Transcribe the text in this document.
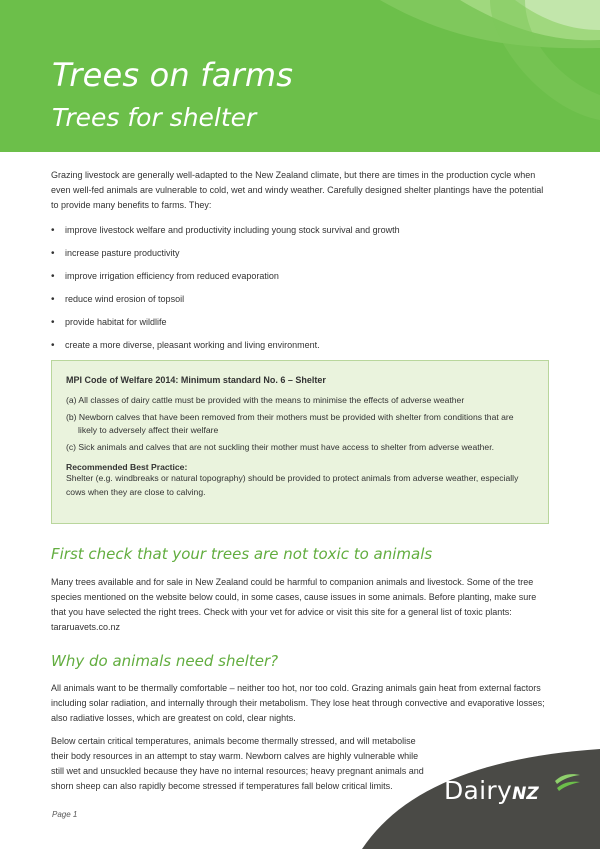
Trees on farms
Trees for shelter

Grazing livestock are generally well-adapted to the New Zealand climate, but there are times in the production cycle when even well-fed animals are vulnerable to cold, wet and windy weather. Carefully designed shelter plantings have the potential to provide many benefits to farms. They:

• improve livestock welfare and productivity including young stock survival and growth
• increase pasture productivity
• improve irrigation efficiency from reduced evaporation
• reduce wind erosion of topsoil
• provide habitat for wildlife
• create a more diverse, pleasant working and living environment.
MPI Code of Welfare 2014: Minimum standard No. 6 – Shelter
(a) All classes of dairy cattle must be provided with the means to minimise the effects of adverse weather
(b) Newborn calves that have been removed from their mothers must be provided with shelter from conditions that are likely to adversely affect their welfare
(c) Sick animals and calves that are not suckling their mother must have access to shelter from adverse weather.
Recommended Best Practice:
Shelter (e.g. windbreaks or natural topography) should be provided to protect animals from adverse weather, especially cows when they are close to calving.
First check that your trees are not toxic to animals

Many trees available and for sale in New Zealand could be harmful to companion animals and livestock. Some of the tree species mentioned on the website below could, in some cases, cause issues in some animals. Before planting, make sure that you have selected the right trees. Check with your vet for advice or visit this site for a general list of toxic plants: tararuavets.co.nz

Why do animals need shelter?

All animals want to be thermally comfortable – neither too hot, nor too cold. Grazing animals gain heat from external factors including solar radiation, and internally through their metabolism. They lose heat through convective and evaporative losses; also radiative losses, which are greatest on cold, clear nights.

Below certain critical temperatures, animals become thermally stressed, and will metabolise their body resources in an attempt to stay warm. Newborn calves are highly vulnerable while still wet and unsuckled because they have no internal resources; heavy pregnant animals and shorn sheep can also rapidly become stressed if temperatures fall below critical limits.	DairyNZ
Page 1
